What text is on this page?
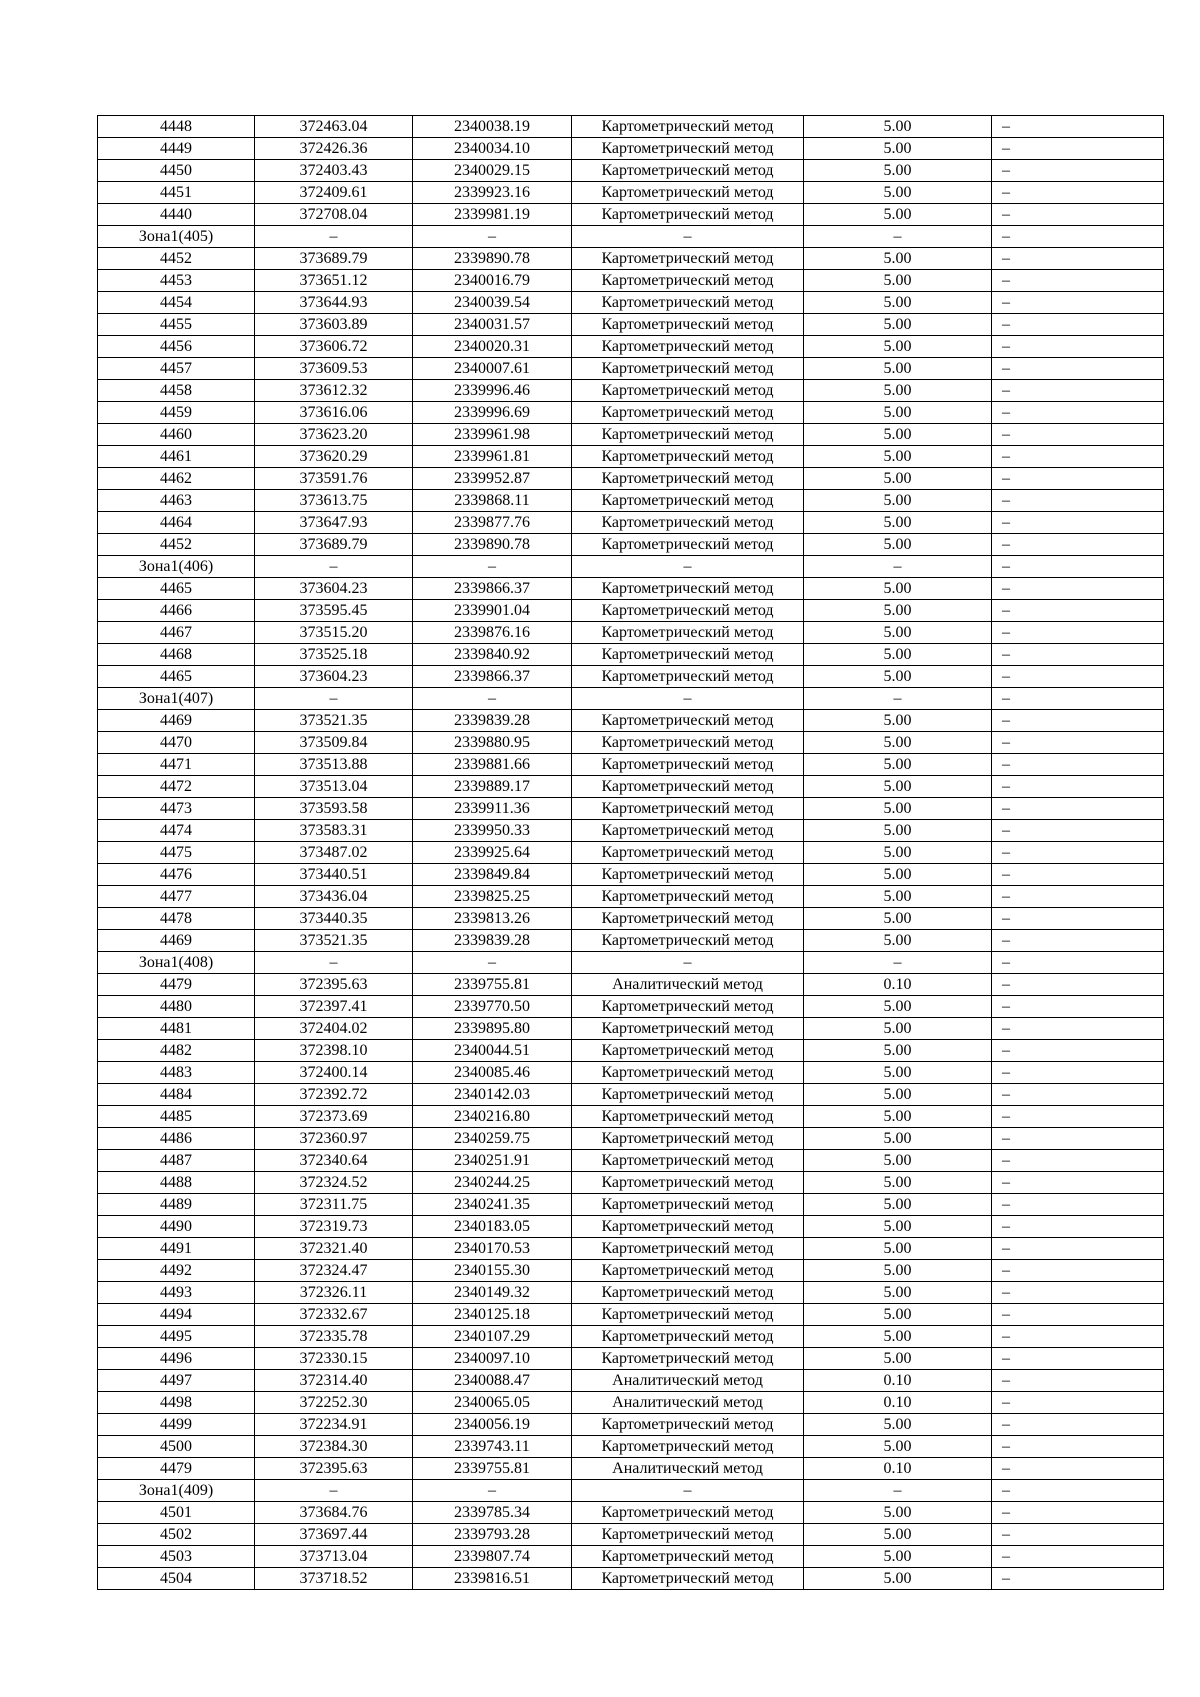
4448	372463.04	2340038.19	Картометрический метод	5.00	–
4449	372426.36	2340034.10	Картометрический метод	5.00	–
4450	372403.43	2340029.15	Картометрический метод	5.00	–
4451	372409.61	2339923.16	Картометрический метод	5.00	–
4440	372708.04	2339981.19	Картометрический метод	5.00	–
Зона1(405)	–	–	–	–	–
4452	373689.79	2339890.78	Картометрический метод	5.00	–
4453	373651.12	2340016.79	Картометрический метод	5.00	–
4454	373644.93	2340039.54	Картометрический метод	5.00	–
4455	373603.89	2340031.57	Картометрический метод	5.00	–
4456	373606.72	2340020.31	Картометрический метод	5.00	–
4457	373609.53	2340007.61	Картометрический метод	5.00	–
4458	373612.32	2339996.46	Картометрический метод	5.00	–
4459	373616.06	2339996.69	Картометрический метод	5.00	–
4460	373623.20	2339961.98	Картометрический метод	5.00	–
4461	373620.29	2339961.81	Картометрический метод	5.00	–
4462	373591.76	2339952.87	Картометрический метод	5.00	–
4463	373613.75	2339868.11	Картометрический метод	5.00	–
4464	373647.93	2339877.76	Картометрический метод	5.00	–
4452	373689.79	2339890.78	Картометрический метод	5.00	–
Зона1(406)	–	–	–	–	–
4465	373604.23	2339866.37	Картометрический метод	5.00	–
4466	373595.45	2339901.04	Картометрический метод	5.00	–
4467	373515.20	2339876.16	Картометрический метод	5.00	–
4468	373525.18	2339840.92	Картометрический метод	5.00	–
4465	373604.23	2339866.37	Картометрический метод	5.00	–
Зона1(407)	–	–	–	–	–
4469	373521.35	2339839.28	Картометрический метод	5.00	–
4470	373509.84	2339880.95	Картометрический метод	5.00	–
4471	373513.88	2339881.66	Картометрический метод	5.00	–
4472	373513.04	2339889.17	Картометрический метод	5.00	–
4473	373593.58	2339911.36	Картометрический метод	5.00	–
4474	373583.31	2339950.33	Картометрический метод	5.00	–
4475	373487.02	2339925.64	Картометрический метод	5.00	–
4476	373440.51	2339849.84	Картометрический метод	5.00	–
4477	373436.04	2339825.25	Картометрический метод	5.00	–
4478	373440.35	2339813.26	Картометрический метод	5.00	–
4469	373521.35	2339839.28	Картометрический метод	5.00	–
Зона1(408)	–	–	–	–	–
4479	372395.63	2339755.81	Аналитический метод	0.10	–
4480	372397.41	2339770.50	Картометрический метод	5.00	–
4481	372404.02	2339895.80	Картометрический метод	5.00	–
4482	372398.10	2340044.51	Картометрический метод	5.00	–
4483	372400.14	2340085.46	Картометрический метод	5.00	–
4484	372392.72	2340142.03	Картометрический метод	5.00	–
4485	372373.69	2340216.80	Картометрический метод	5.00	–
4486	372360.97	2340259.75	Картометрический метод	5.00	–
4487	372340.64	2340251.91	Картометрический метод	5.00	–
4488	372324.52	2340244.25	Картометрический метод	5.00	–
4489	372311.75	2340241.35	Картометрический метод	5.00	–
4490	372319.73	2340183.05	Картометрический метод	5.00	–
4491	372321.40	2340170.53	Картометрический метод	5.00	–
4492	372324.47	2340155.30	Картометрический метод	5.00	–
4493	372326.11	2340149.32	Картометрический метод	5.00	–
4494	372332.67	2340125.18	Картометрический метод	5.00	–
4495	372335.78	2340107.29	Картометрический метод	5.00	–
4496	372330.15	2340097.10	Картометрический метод	5.00	–
4497	372314.40	2340088.47	Аналитический метод	0.10	–
4498	372252.30	2340065.05	Аналитический метод	0.10	–
4499	372234.91	2340056.19	Картометрический метод	5.00	–
4500	372384.30	2339743.11	Картометрический метод	5.00	–
4479	372395.63	2339755.81	Аналитический метод	0.10	–
Зона1(409)	–	–	–	–	–
4501	373684.76	2339785.34	Картометрический метод	5.00	–
4502	373697.44	2339793.28	Картометрический метод	5.00	–
4503	373713.04	2339807.74	Картометрический метод	5.00	–
4504	373718.52	2339816.51	Картометрический метод	5.00	–
